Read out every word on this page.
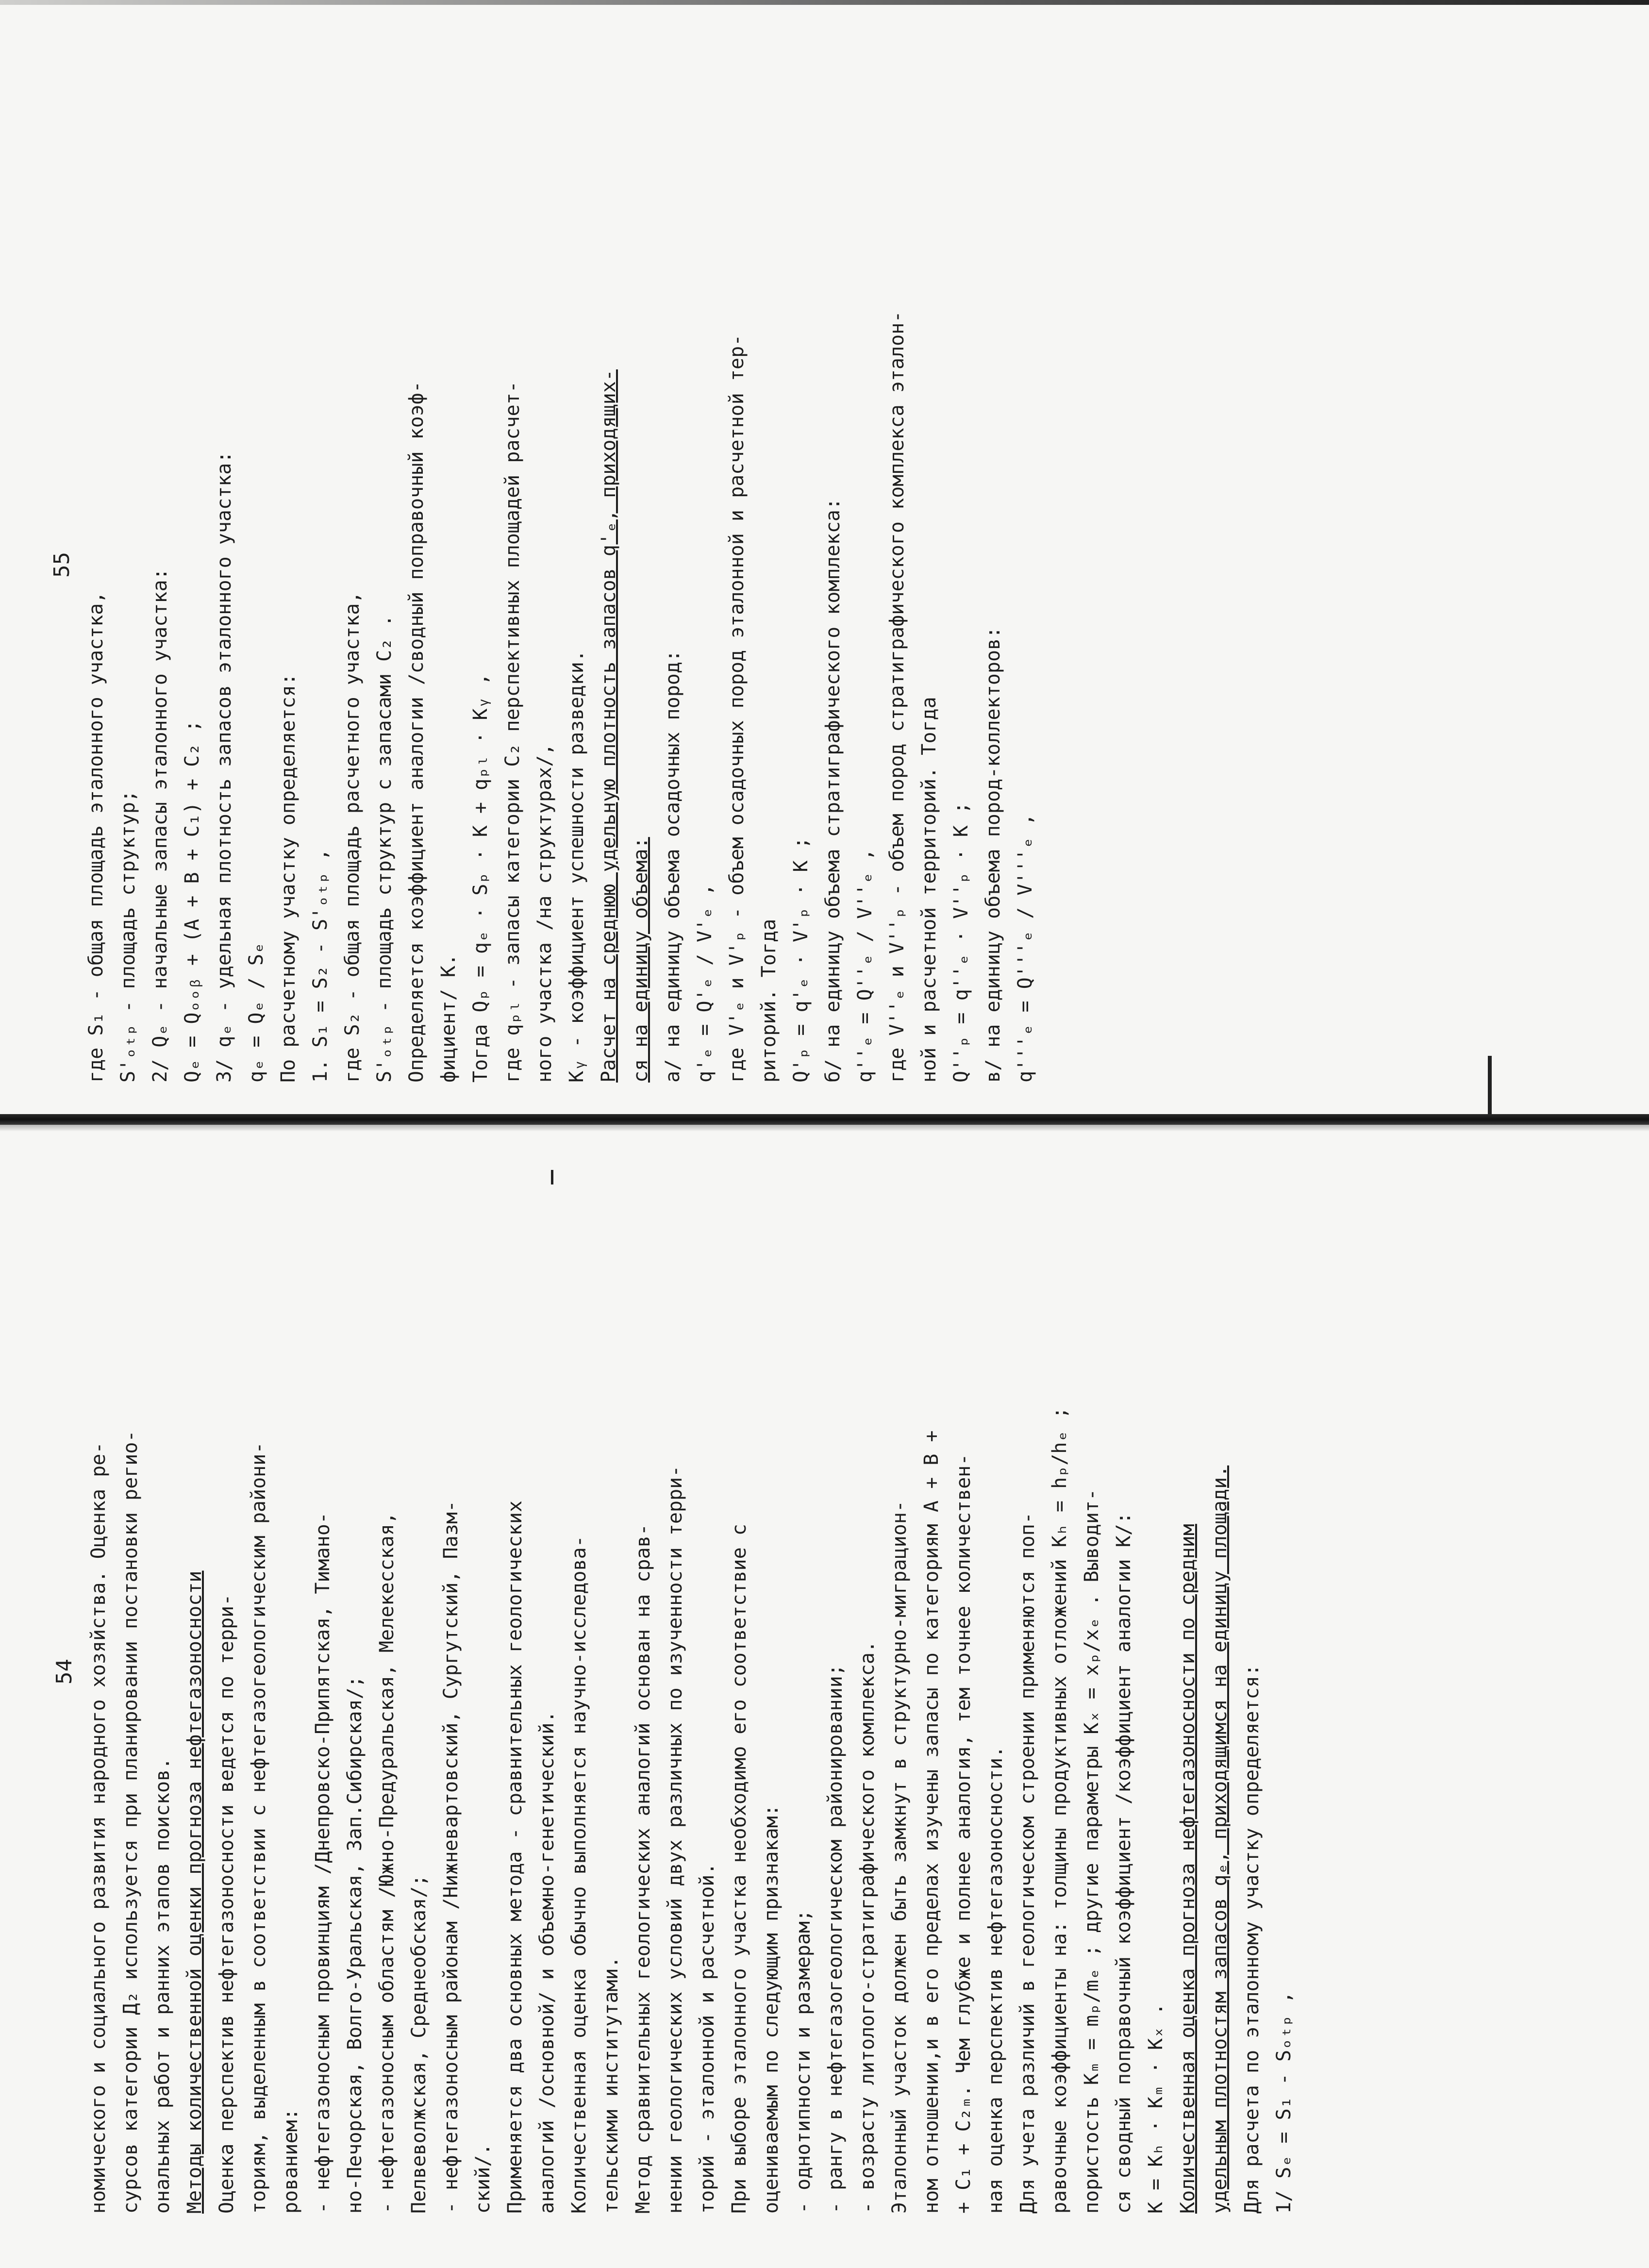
55
где S₁ - общая площадь эталонного участка, S'ₒₜₚ - площадь структур; 2/ Qₑ - начальные запасы эталонного участка: Qₑ = Qₒₒᵦ + (A + B + C₁) + C₂ ; 3/ qₑ - удельная плотность запасов эталонного участка: qₑ = Qₑ / Sₑ По расчетному участку определяется: 1. S₁ = S₂ - S'ₒₜₚ , где S₂ - общая площадь расчетного участка, S'ₒₜₚ - площадь структур с запасами C₂ . Определяется коэффициент аналогии /сводный поправочный коэф- фициент/ К. Тогда Qₚ = qₑ · Sₚ · K + qₚₗ · Kᵧ , где qₚₗ - запасы категории C₂ перспективных площадей расчет- ного участка /на структурах/, Kᵧ - коэффициент успешности разведки. Расчет на среднюю удельную плотность запасов q'ₑ, приходящих- ся на единицу объема: а/ на единицу объема осадочных пород: q'ₑ = Q'ₑ / V'ₑ , где V'ₑ и V'ₚ - объем осадочных пород эталонной и расчетной тер- риторий. Тогда Q'ₚ = q'ₑ · V'ₚ · K ; б/ на единицу объема стратиграфического комплекса: q''ₑ = Q''ₑ / V''ₑ , где V''ₑ и V''ₚ - объем пород стратиграфического комплекса эталон- ной и расчетной территорий. Тогда Q''ₚ = q''ₑ · V''ₚ · K ; в/ на единицу объема пород-коллекторов: q'''ₑ = Q'''ₑ / V'''ₑ ,
54 номического и социального развития народного хозяйства. Оценка ре- сурсов категории Д₂ используется при планировании постановки регио- ональных работ и ранних этапов поисков. Методы количественной оценки прогноза нефтегазоносности Оценка перспектив нефтегазоносности ведется по терри- ториям, выделенным в соответствии с нефтегазогеологическим райони- рованием: - нефтегазоносным провинциям /Днепровско-Припятская, Тимано- но-Печорская, Волго-Уральская, Зап.Сибирская/; - нефтегазоносным областям /Южно-Предуральская, Мелекесская, Пелвеволжская, Среднеобская/; - нефтегазоносным районам /Нижневартовский, Сургутский, Пазм- ский/. Применяется два основных метода - сравнительных геологических аналогий /основной/ и объемно-генетический. Количественная оценка обычно выполняется научно-исследова- тельскими институтами. Метод сравнительных геологических аналогий основан на срав- нении геологических условий двух различных по изученности терри- торий - эталонной и расчетной. При выборе эталонного участка необходимо его соответствие с оцениваемым по следующим признакам: - однотипности и размерам; - рангу в нефтегазогеологическом районировании; - возрасту литолого-стратиграфического комплекса. Эталонный участок должен быть замкнут в структурно-миграцион- ном отношении,и в его пределах изучены запасы по категориям А + В + + C₁ + C₂ₘ. Чем глубже и полнее аналогия, тем точнее количествен- ная оценка перспектив нефтегазоносности. Для учета различий в геологическом строении применяются поп- равочные коэффициенты на: толщины продуктивных отложений Kₕ = hₚ/hₑ ; пористость Kₘ = mₚ/mₑ ; другие параметры Kₓ = xₚ/xₑ . Выводит- ся сводный поправочный коэффициент /коэффициент аналогии K/: K = Kₕ · Kₘ · Kₓ . Количественная оценка прогноза нефтегазоносности по средним удельным плотностям запасов qₑ, приходящимся на единицу площади. Для расчета по эталонному участку определяется: 1/ Sₑ = S₁ - Sₒₜₚ ,
